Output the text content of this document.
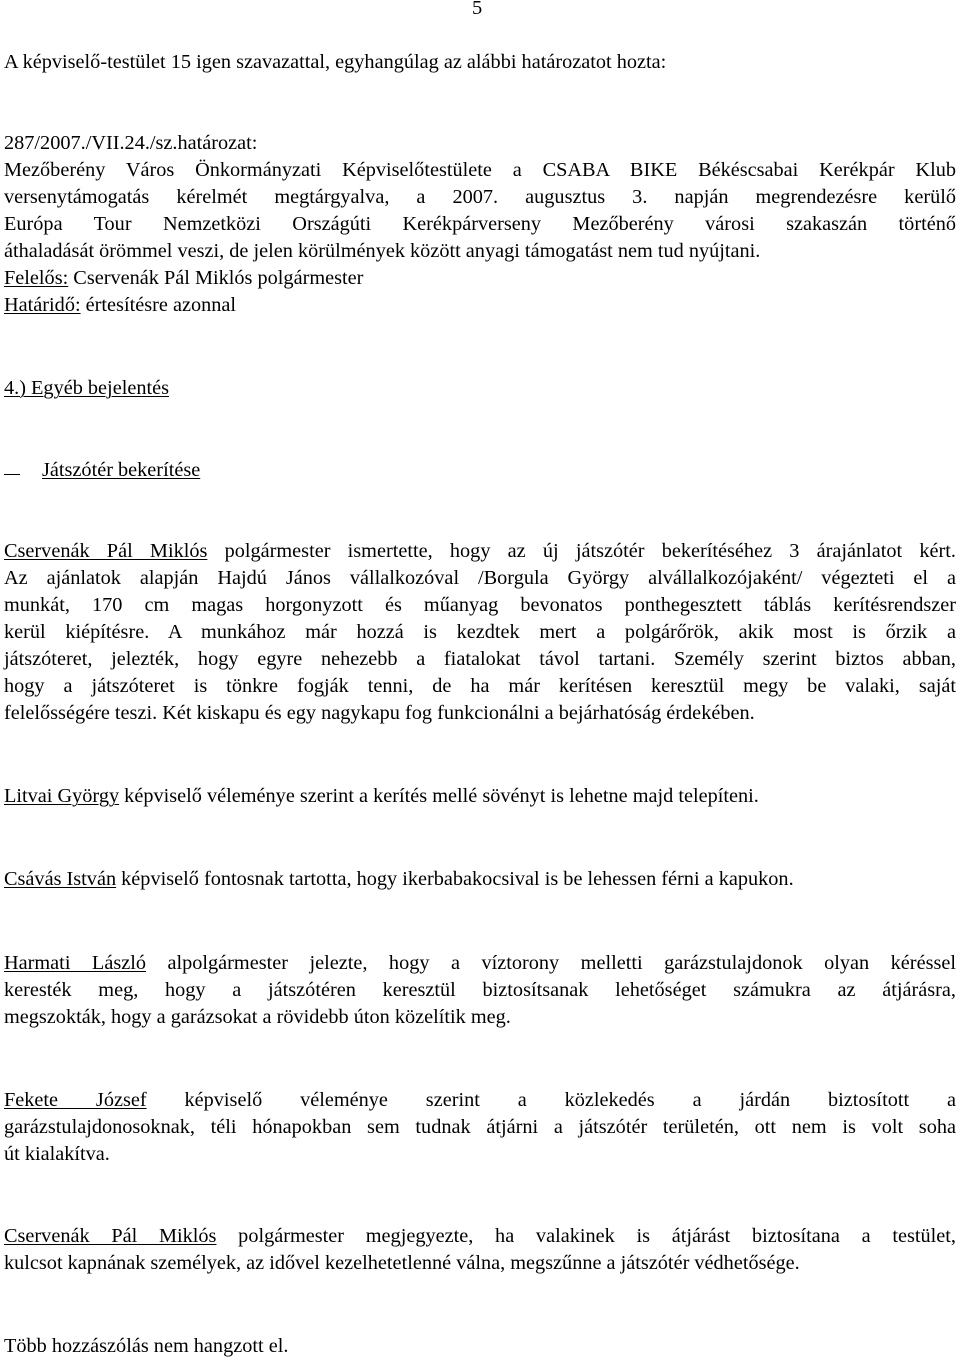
5
A képviselő-testület 15 igen szavazattal, egyhangúlag az alábbi határozatot hozta:
287/2007./VII.24./sz.határozat:
Mezőberény Város Önkormányzati Képviselőtestülete a CSABA BIKE Békéscsabai Kerékpár Klub
versenytámogatás kérelmét megtárgyalva, a 2007. augusztus 3. napján megrendezésre kerülő
Európa Tour Nemzetközi Országúti Kerékpárverseny Mezőberény városi szakaszán történő
áthaladását örömmel veszi, de jelen körülmények között anyagi támogatást nem tud nyújtani.
Felelős: Cservenák Pál Miklós polgármester
Határidő: értesítésre azonnal
4.) Egyéb bejelentés
Játszótér bekerítése
Cservenák Pál Miklós polgármester ismertette, hogy az új játszótér bekerítéséhez 3 árajánlatot kért.
Az ajánlatok alapján Hajdú János vállalkozóval /Borgula György alvállalkozójaként/ végezteti el a
munkát, 170 cm magas horgonyzott és műanyag bevonatos ponthegesztett táblás kerítésrendszer
kerül kiépítésre. A munkához már hozzá is kezdtek mert a polgárőrök, akik most is őrzik a
játszóteret, jelezték, hogy egyre nehezebb a fiatalokat távol tartani. Személy szerint biztos abban,
hogy a játszóteret is tönkre fogják tenni, de ha már kerítésen keresztül megy be valaki, saját
felelősségére teszi. Két kiskapu és egy nagykapu fog funkcionálni a bejárhatóság érdekében.
Litvai György képviselő véleménye szerint a kerítés mellé sövényt is lehetne majd telepíteni.
Csávás István képviselő fontosnak tartotta, hogy ikerbabakocsival is be lehessen férni a kapukon.
Harmati László alpolgármester jelezte, hogy a víztorony melletti garázstulajdonok olyan kéréssel
keresték meg, hogy a játszótéren keresztül biztosítsanak lehetőséget számukra az átjárásra,
megszokták, hogy a garázsokat a rövidebb úton közelítik meg.
Fekete József képviselő véleménye szerint a közlekedés a járdán biztosított a
garázstulajdonosoknak, téli hónapokban sem tudnak átjárni a játszótér területén, ott nem is volt soha
út kialakítva.
Cservenák Pál Miklós polgármester megjegyezte, ha valakinek is átjárást biztosítana a testület,
kulcsot kapnának személyek, az idővel kezelhetetlenné válna, megszűnne a játszótér védhetősége.
Több hozzászólás nem hangzott el.
